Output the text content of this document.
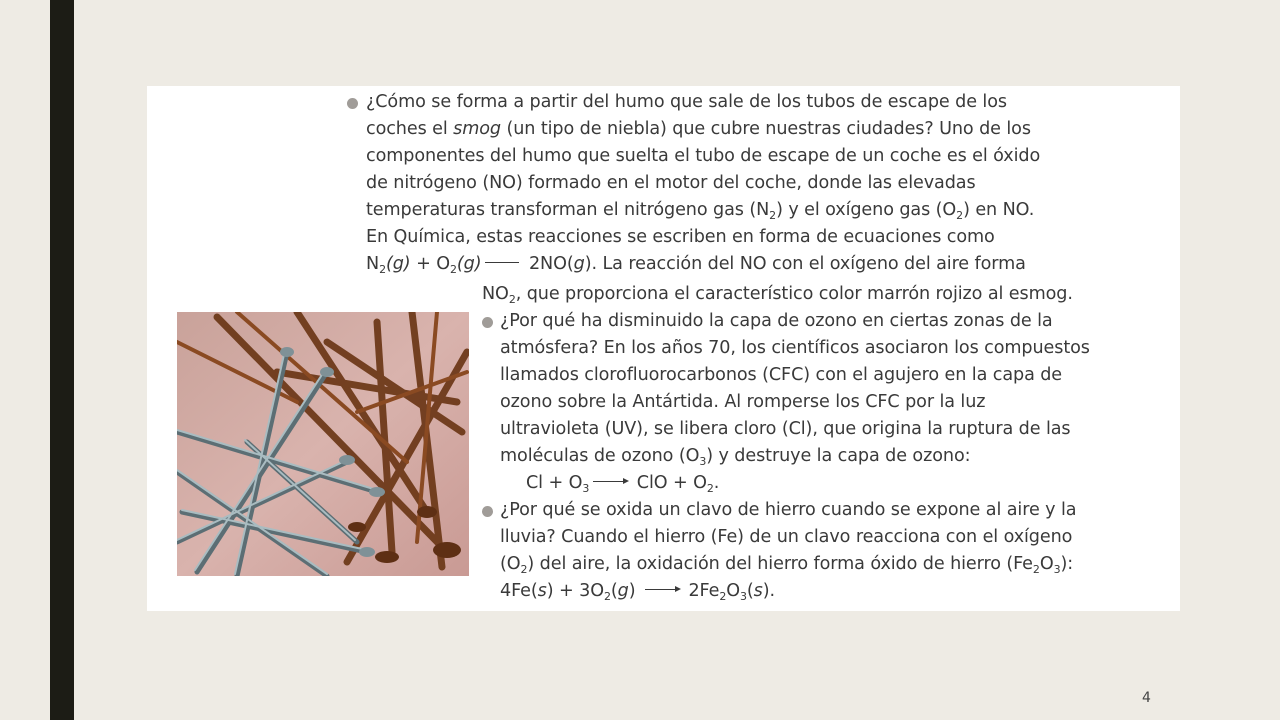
¿Cómo se forma a partir del humo que sale de los tubos de escape de los
coches el smog (un tipo de niebla) que cubre nuestras ciudades? Uno de los
componentes del humo que suelta el tubo de escape de un coche es el óxido
de nitrógeno (NO) formado en el motor del coche, donde las elevadas
temperaturas transforman el nitrógeno gas $(N_2)$ y el oxígeno gas $(O_2)$ en NO.
En Química, estas reacciones se escriben en forma de ecuaciones como
$N_2(g) + O_2(g)$ 2NO(g). La reacción del NO con el oxígeno del aire forma
$NO_2$, que proporciona el característico color marrón rojizo al esmog.
¿Por qué ha disminuido la capa de ozono en ciertas zonas de la
atmósfera? En los años 70, los científicos asociaron los compuestos
llamados clorofluorocarbonos (CFC) con el agujero en la capa de
ozono sobre la Antártida. Al romperse los CFC por la luz
ultravioleta (UV), se libera cloro (Cl), que origina la ruptura de las
moléculas de ozono $(O_3)$ y destruye la capa de ozono:
$Cl + O_3$ → ClO + $O_2$.
¿Por qué se oxida un clavo de hierro cuando se expone al aire y la
lluvia? Cuando el hierro (Fe) de un clavo reacciona con el oxígeno
$(O_2)$ del aire, la oxidación del hierro forma óxido de hierro $(Fe_2O_3)$:
$4Fe(s) + 3O_2(g) \to 2Fe_2O_3(s)$.
4
